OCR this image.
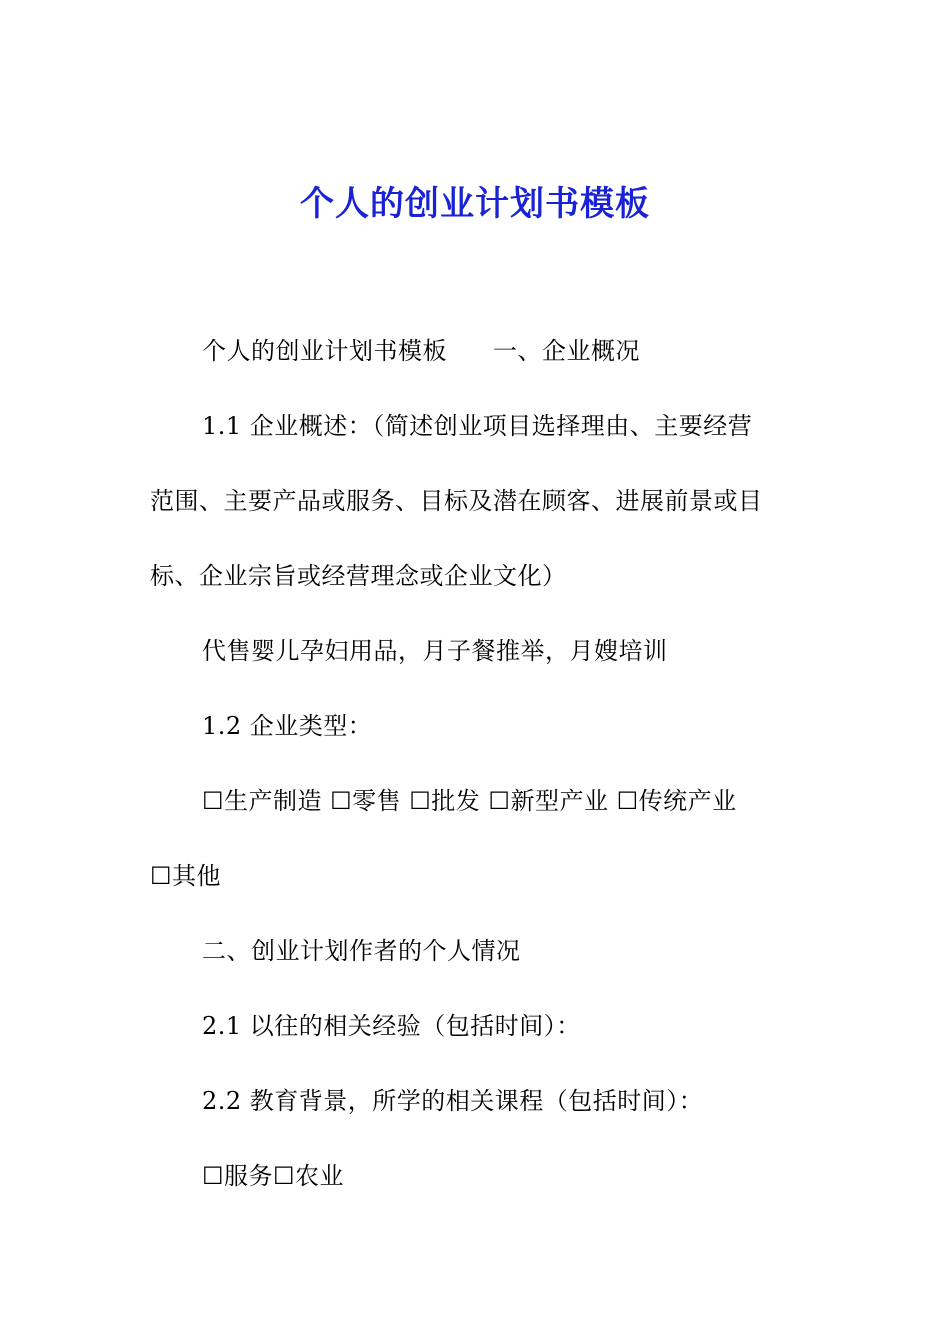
个人的创业计划书模板
个人的创业计划书模板 一、企业概况
1.1 企业概述：（简述创业项目选择理由、主要经营
范围、主要产品或服务、目标及潜在顾客、进展前景或目
标、企业宗旨或经营理念或企业文化）
代售婴儿孕妇用品，月子餐推举，月嫂培训
1.2 企业类型：
☐生产制造 ☐零售 ☐批发 ☐新型产业 ☐传统产业
☐其他
二、创业计划作者的个人情况
2.1 以往的相关经验（包括时间）：
2.2 教育背景，所学的相关课程（包括时间）：
☐服务☐农业
